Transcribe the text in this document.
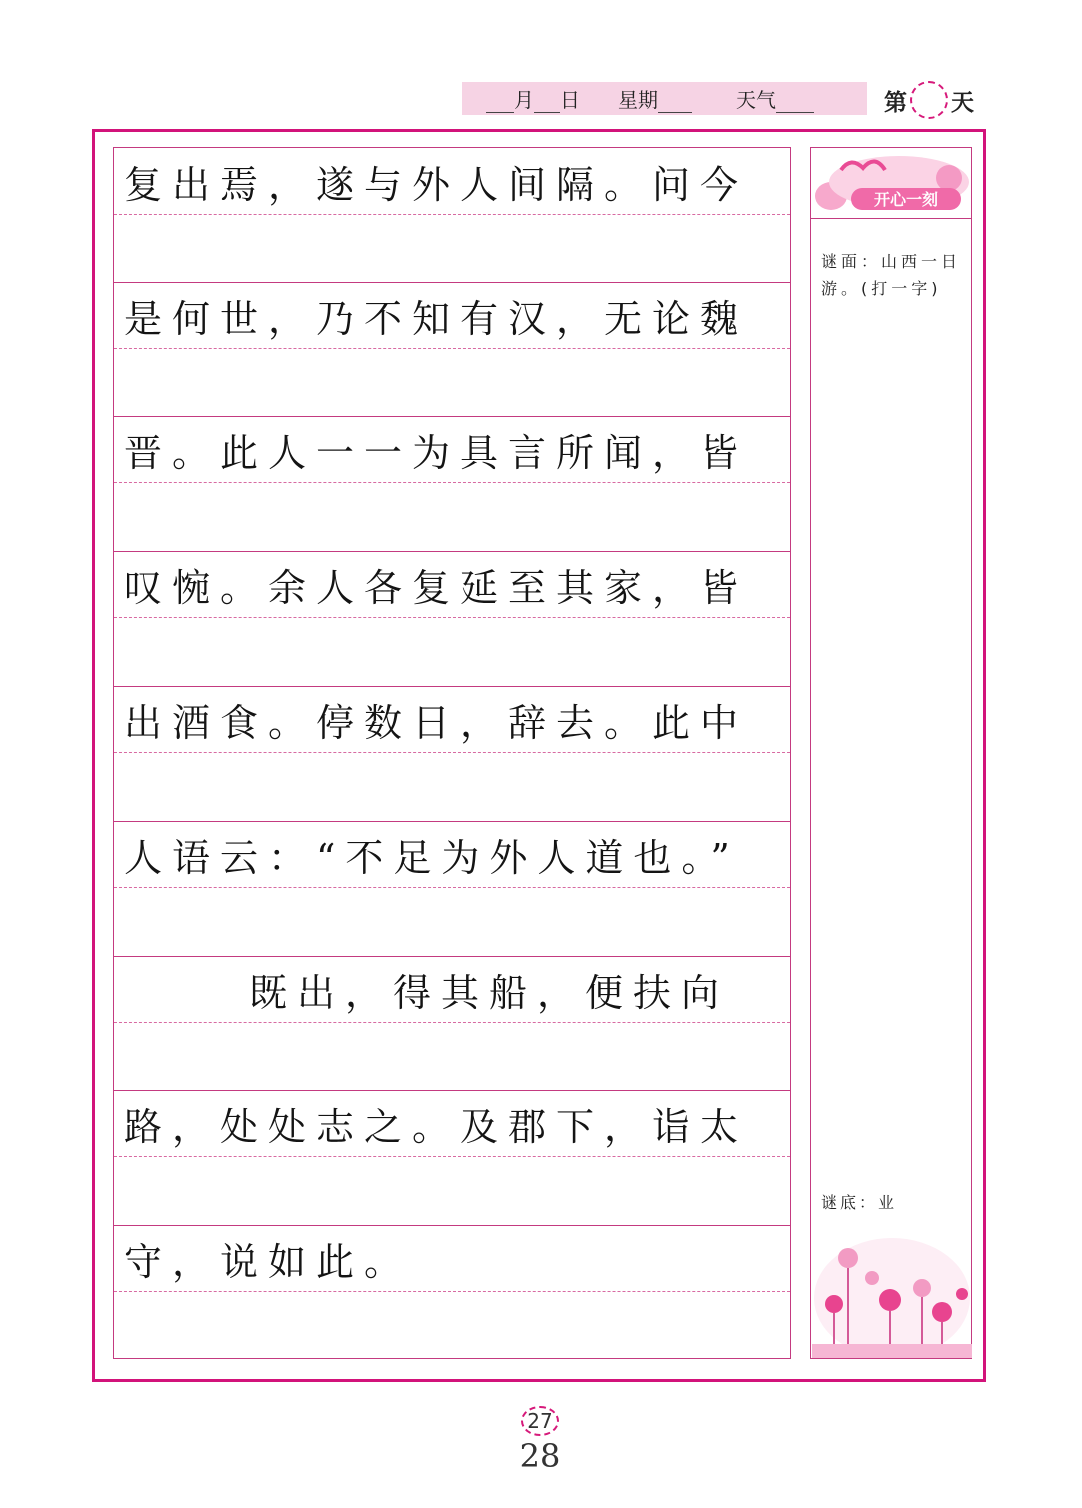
月 日 星期	天气	第 天
复出焉，遂与外人间隔。问今
是何世，乃不知有汉，无论魏
晋。此人一一为具言所闻，皆
叹惋。余人各复延至其家，皆
出酒食。停数日，辞去。此中
人语云：“不足为外人道也。”
既出，得其船，便扶向
路，处处志之。及郡下，诣太
守，说如此。
开心一刻
谜面：山西一日游。(打一字)
谜底：业
27
28
